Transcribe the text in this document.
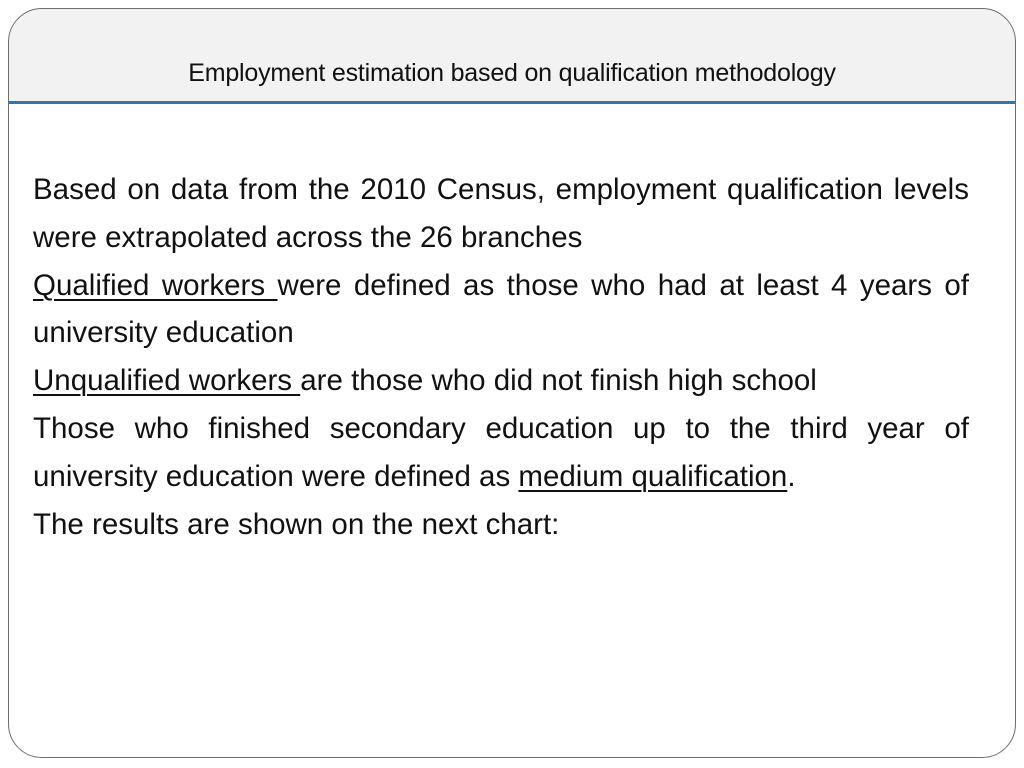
Employment estimation based on qualification methodology

Based on data from the 2010 Census, employment qualification levels were extrapolated across the 26 branches

Qualified workers were defined as those who had at least 4 years of university education

Unqualified workers are those who did not finish high school

Those who finished secondary education up to the third year of university education were defined as medium qualification.

The results are shown on the next chart:
